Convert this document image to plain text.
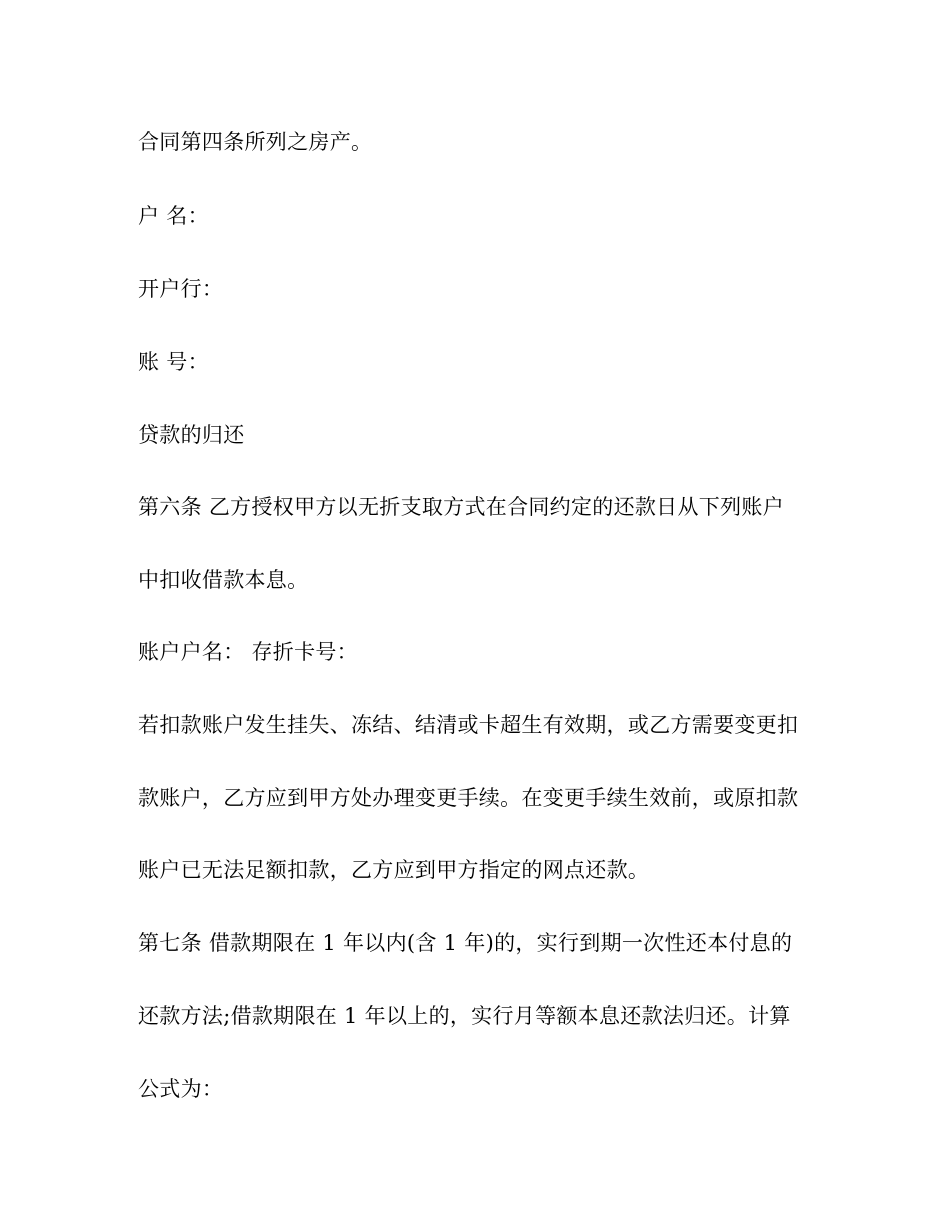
合同第四条所列之房产。
户 名：
开户行：
账 号：
贷款的归还
第六条 乙方授权甲方以无折支取方式在合同约定的还款日从下列账户
中扣收借款本息。
账户户名： 存折卡号：
若扣款账户发生挂失、冻结、结清或卡超生有效期，或乙方需要变更扣
款账户，乙方应到甲方处办理变更手续。在变更手续生效前，或原扣款
账户已无法足额扣款，乙方应到甲方指定的网点还款。
第七条 借款期限在 1 年以内(含 1 年)的，实行到期一次性还本付息的
还款方法;借款期限在 1 年以上的，实行月等额本息还款法归还。计算
公式为：
